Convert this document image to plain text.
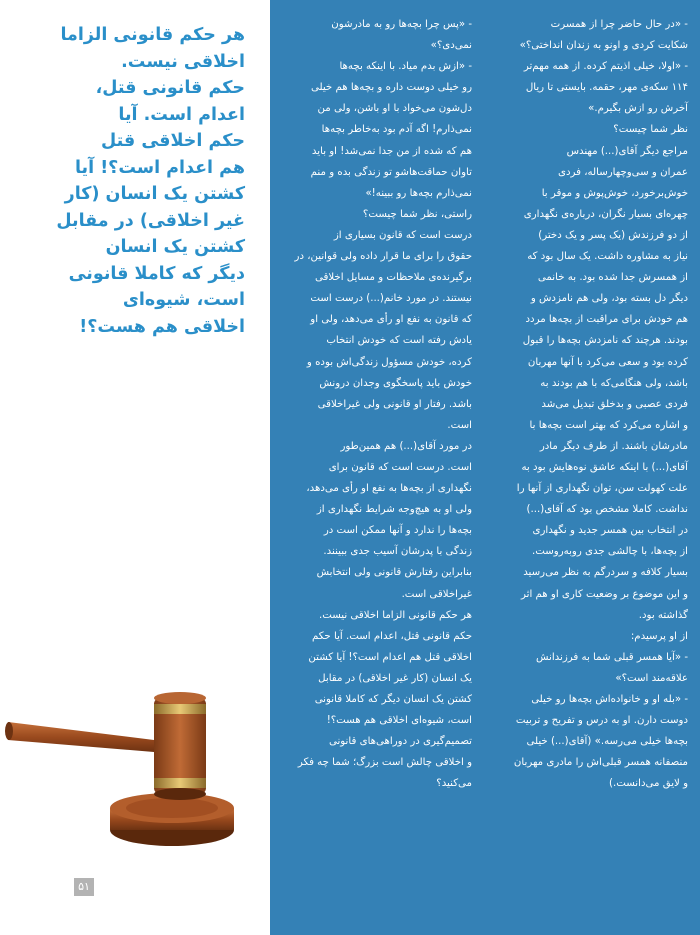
هر حکم قانونی الزاما
اخلاقی نیست.
حکم قانونی قتل،
اعدام است. آیا
حکم اخلاقی قتل
هم اعدام است؟! آیا
کشتن یک انسان (کار
غیر اخلاقی) در مقابل
کشتن یک انسان
دیگر که کاملا قانونی
است، شیوه‌ای
اخلاقی هم هست؟!
۵۱

- «در حال حاضر چرا از همسرت

شکایت کردی و اونو به زندان انداختی؟»

- «اولا، خیلی اذیتم کرده. از همه مهم‌تر

۱۱۴ سکه‌ی مهر، حقمه. بایستی تا ریال

آخرش رو ازش بگیرم.»

نظر شما چیست؟

مراجع دیگر آقای(...) مهندس

عمران و سی‌وچهارساله، فردی

خوش‌برخورد، خوش‌پوش و موقر با

چهره‌ای بسیار نگران، درباره‌ی نگهداری

از دو فرزندش (یک پسر و یک دختر)

نیاز به مشاوره داشت. یک سال بود که

از همسرش جدا شده بود. به خانمی

دیگر دل بسته بود، ولی هم نامزدش و

هم خودش برای مراقبت از بچه‌ها مردد

بودند. هرچند که نامزدش بچه‌ها را قبول

کرده بود و سعی می‌کرد با آنها مهربان

باشد، ولی هنگامی‌که با هم بودند به

فردی عصبی و بدخلق تبدیل می‌شد

و اشاره می‌کرد که بهتر است بچه‌ها با

مادرشان باشند. از طرف دیگر مادر

آقای(...) با اینکه عاشق نوه‌هایش بود به

علت کهولت سن، توان نگهداری از آنها را

نداشت. کاملا مشخص بود که آقای(...)

در انتخاب بین همسر جدید و نگهداری

از بچه‌ها، با چالشی جدی روبه‌روست.

بسیار کلافه و سردرگم به نظر می‌رسید

و این موضوع بر وضعیت کاری او هم اثر

گذاشته بود.

از او پرسیدم:

- «آیا همسر قبلی شما به فرزندانش

علاقه‌مند است؟»

- «بله او و خانواده‌اش بچه‌ها رو خیلی

دوست دارن. او به درس و تفریح و تربیت

بچه‌ها خیلی می‌رسه.» (آقای(...) خیلی

منصفانه همسر قبلی‌اش را مادری مهربان

و لایق می‌دانست.)

- «پس چرا بچه‌ها رو به مادرشون

نمی‌دی؟»

- «ازش بدم میاد. با اینکه بچه‌ها

رو خیلی دوست داره و بچه‌ها هم خیلی

دل‌شون می‌خواد با او باشن، ولی من

نمی‌ذارم! اگه آدم بود به‌خاطر بچه‌ها

هم که شده از من جدا نمی‌شد! او باید

تاوان حماقت‌هاشو تو زندگی بده و منم

نمی‌ذارم بچه‌ها رو ببینه!»

راستی، نظر شما چیست؟

درست است که قانون بسیاری از

حقوق را برای ما قرار داده ولی قوانین، در

برگیرنده‌ی ملاحظات و مسایل اخلاقی

نیستند. در مورد خانم(...) درست است

که قانون به نفع او رأی می‌دهد، ولی او

یادش رفته است که خودش انتخاب

کرده، خودش مسؤول زندگی‌اش بوده و

خودش باید پاسخگوی وجدان درونش

باشد. رفتار او قانونی ولی غیراخلاقی

است.

در مورد آقای(...) هم همین‌طور

است. درست است که قانون برای

نگهداری از بچه‌ها به نفع او رأی می‌دهد،

ولی او به هیچ‌وجه شرایط نگهداری از

بچه‌ها را ندارد و آنها ممکن است در

زندگی با پدرشان آسیب جدی ببینند.

بنابراین رفتارش قانونی ولی انتخابش

غیراخلاقی است.

هر حکم قانونی الزاما اخلاقی نیست.

حکم قانونی قتل، اعدام است. آیا حکم

اخلاقی قتل هم اعدام است؟! آیا کشتن

یک انسان (کار غیر اخلاقی) در مقابل

کشتن یک انسان دیگر که کاملا قانونی

است، شیوه‌ای اخلاقی هم هست؟!

تصمیم‌گیری در دوراهی‌های قانونی

و اخلاقی چالش است بزرگ؛ شما چه فکر

می‌کنید؟
